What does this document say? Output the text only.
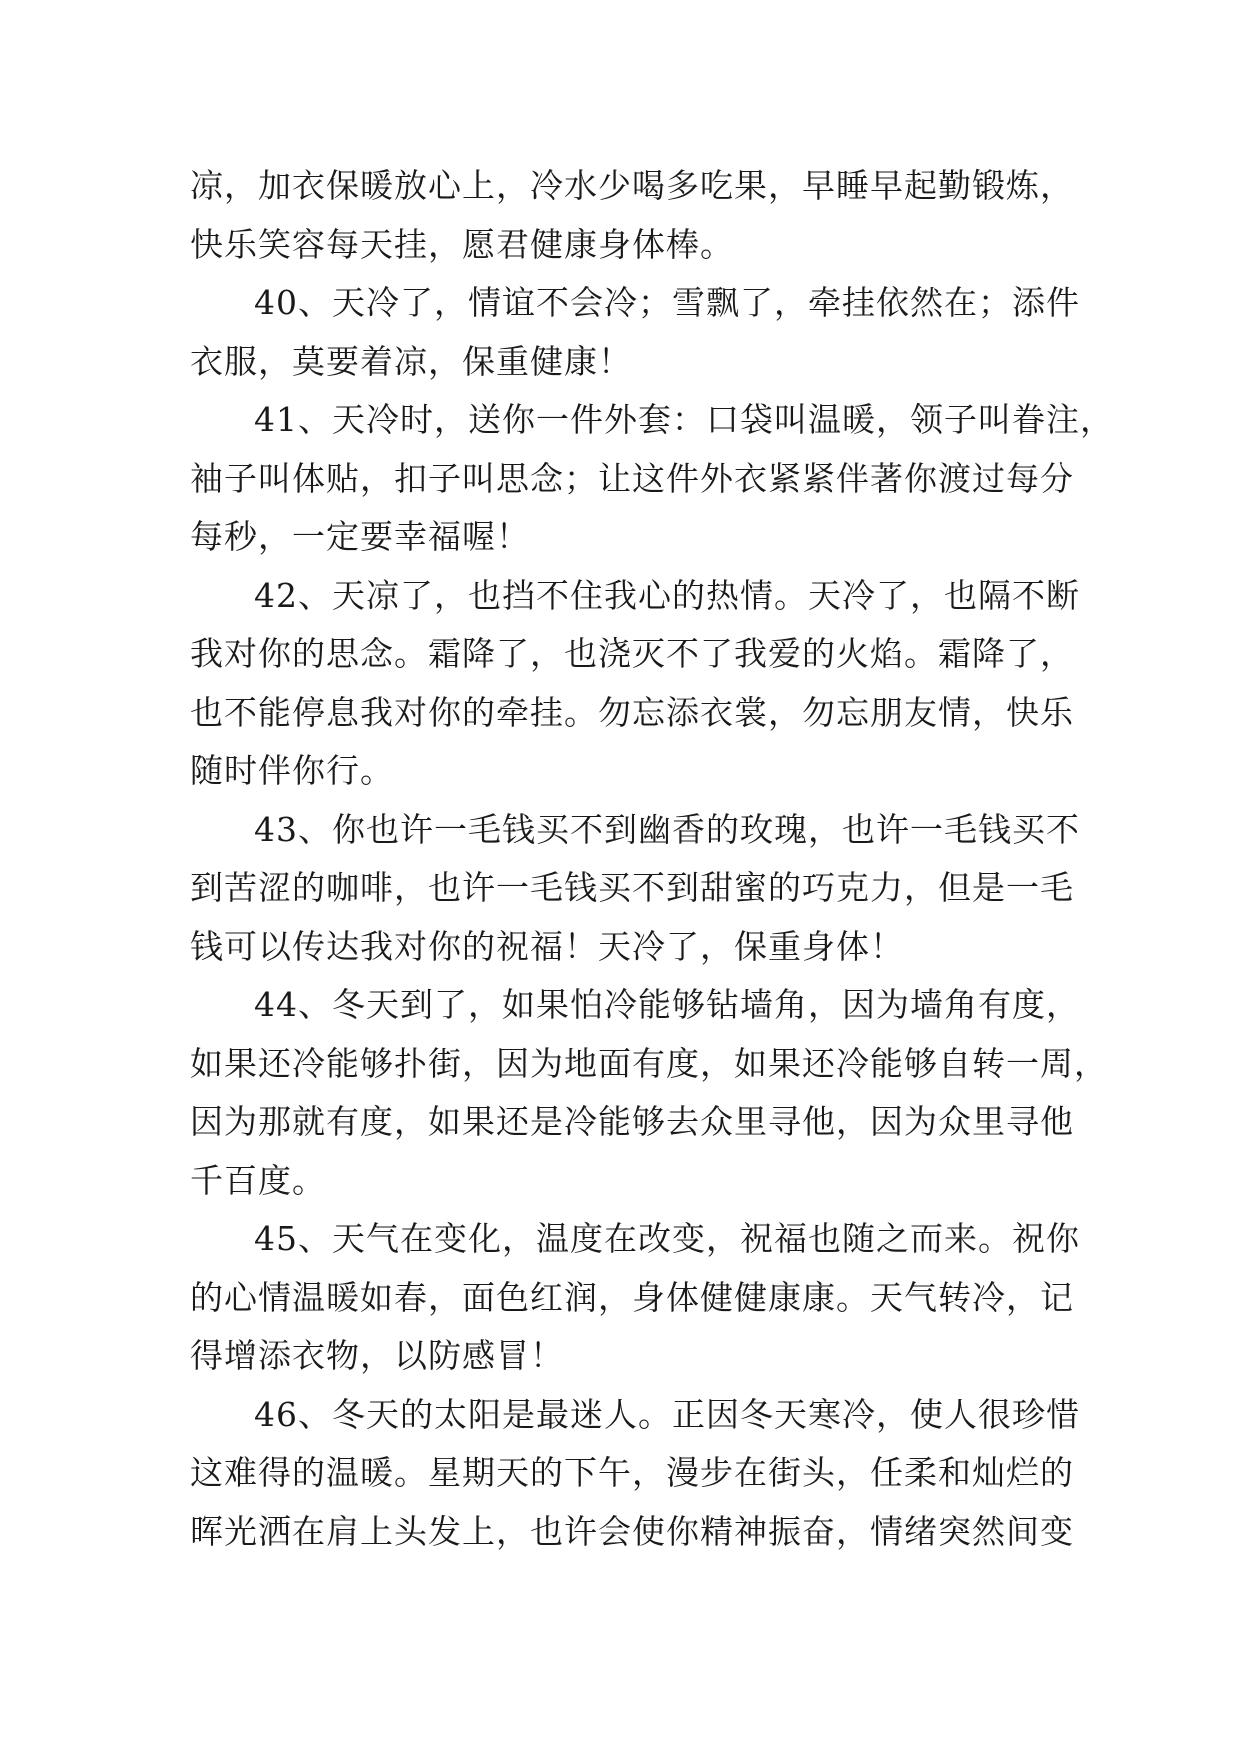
凉，加衣保暖放心上，冷水少喝多吃果，早睡早起勤锻炼，
快乐笑容每天挂，愿君健康身体棒。
40、天冷了，情谊不会冷；雪飘了，牵挂依然在；添件
衣服，莫要着凉，保重健康！
41、天冷时，送你一件外套：口袋叫温暖，领子叫眷注，
袖子叫体贴，扣子叫思念；让这件外衣紧紧伴著你渡过每分
每秒，一定要幸福喔！
42、天凉了，也挡不住我心的热情。天冷了，也隔不断
我对你的思念。霜降了，也浇灭不了我爱的火焰。霜降了，
也不能停息我对你的牵挂。勿忘添衣裳，勿忘朋友情，快乐
随时伴你行。
43、你也许一毛钱买不到幽香的玫瑰，也许一毛钱买不
到苦涩的咖啡，也许一毛钱买不到甜蜜的巧克力，但是一毛
钱可以传达我对你的祝福！天冷了，保重身体！
44、冬天到了，如果怕冷能够钻墙角，因为墙角有度，
如果还冷能够扑街，因为地面有度，如果还冷能够自转一周，
因为那就有度，如果还是冷能够去众里寻他，因为众里寻他
千百度。
45、天气在变化，温度在改变，祝福也随之而来。祝你
的心情温暖如春，面色红润，身体健健康康。天气转冷，记
得增添衣物，以防感冒！
46、冬天的太阳是最迷人。正因冬天寒冷，使人很珍惜
这难得的温暖。星期天的下午，漫步在街头，任柔和灿烂的
晖光洒在肩上头发上，也许会使你精神振奋，情绪突然间变
